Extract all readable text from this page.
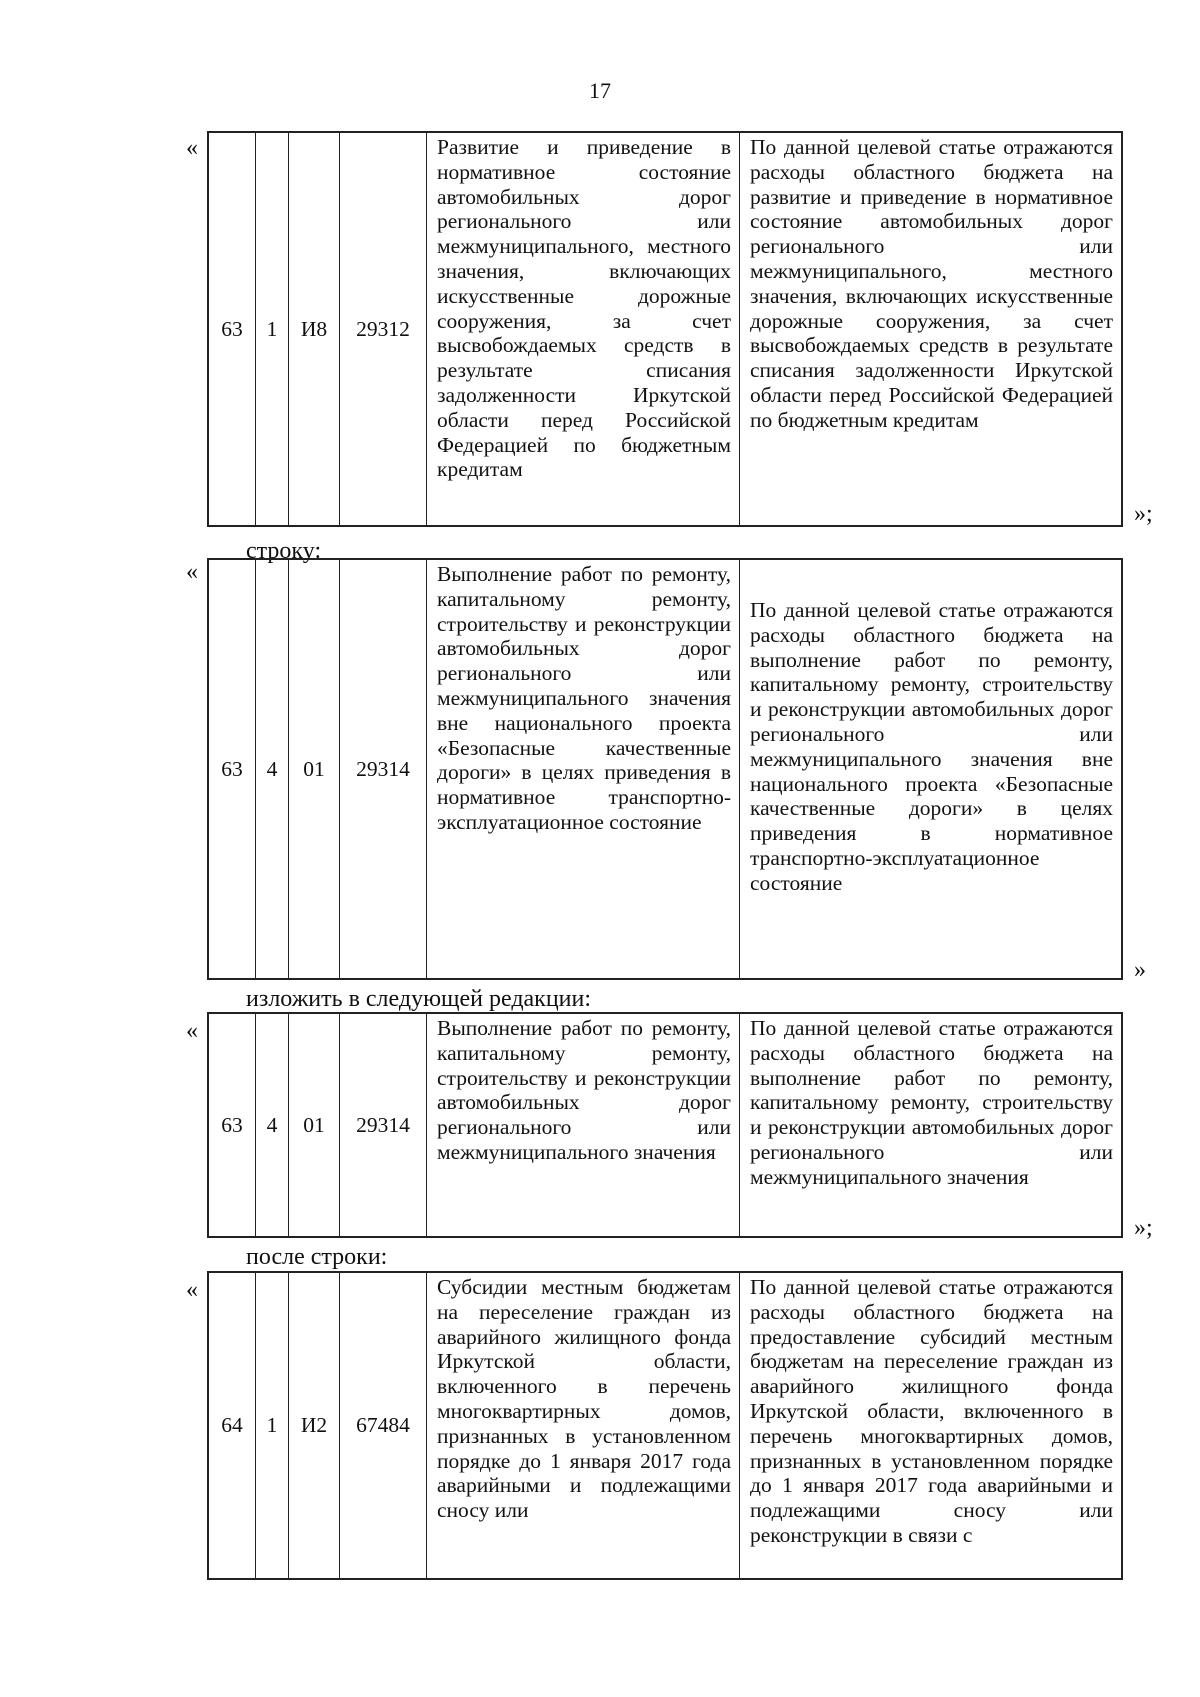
17
«
63	1	И8	29312	Развитие и приведение в нормативное состояние автомобильных дорог регионального или межмуниципального, местного значения, включающих искусственные дорожные сооружения, за счет высвобождаемых средств в результате списания задолженности Иркутской области перед Российской Федерацией по бюджетным кредитам	По данной целевой статье отражаются расходы областного бюджета на развитие и приведение в нормативное состояние автомобильных дорог регионального или межмуниципального, местного значения, включающих искусственные дорожные сооружения, за счет высвобождаемых средств в результате списания задолженности Иркутской области перед Российской Федерацией по бюджетным кредитам
»;
строку:
«
63	4	01	29314	Выполнение работ по ремонту, капитальному ремонту, строительству и реконструкции автомобильных дорог регионального или межмуниципального значения вне национального проекта «Безопасные качественные дороги» в целях приведения в нормативное транспортно-эксплуатационное состояние	По данной целевой статье отражаются расходы областного бюджета на выполнение работ по ремонту, капитальному ремонту, строительству и реконструкции автомобильных дорог регионального или межмуниципального значения вне национального проекта «Безопасные качественные дороги» в целях приведения в нормативное транспортно-эксплуатационное состояние
»
изложить в следующей редакции:
«
63	4	01	29314	Выполнение работ по ремонту, капитальному ремонту, строительству и реконструкции автомобильных дорог регионального или межмуниципального значения	По данной целевой статье отражаются расходы областного бюджета на выполнение работ по ремонту, капитальному ремонту, строительству и реконструкции автомобильных дорог регионального или межмуниципального значения
»;
после строки:
«
64	1	И2	67484	Субсидии местным бюджетам на переселение граждан из аварийного жилищного фонда Иркутской области, включенного в перечень многоквартирных домов, признанных в установленном порядке до 1 января 2017 года аварийными и подлежащими сносу или	По данной целевой статье отражаются расходы областного бюджета на предоставление субсидий местным бюджетам на переселение граждан из аварийного жилищного фонда Иркутской области, включенного в перечень многоквартирных домов, признанных в установленном порядке до 1 января 2017 года аварийными и подлежащими сносу или реконструкции в связи с
